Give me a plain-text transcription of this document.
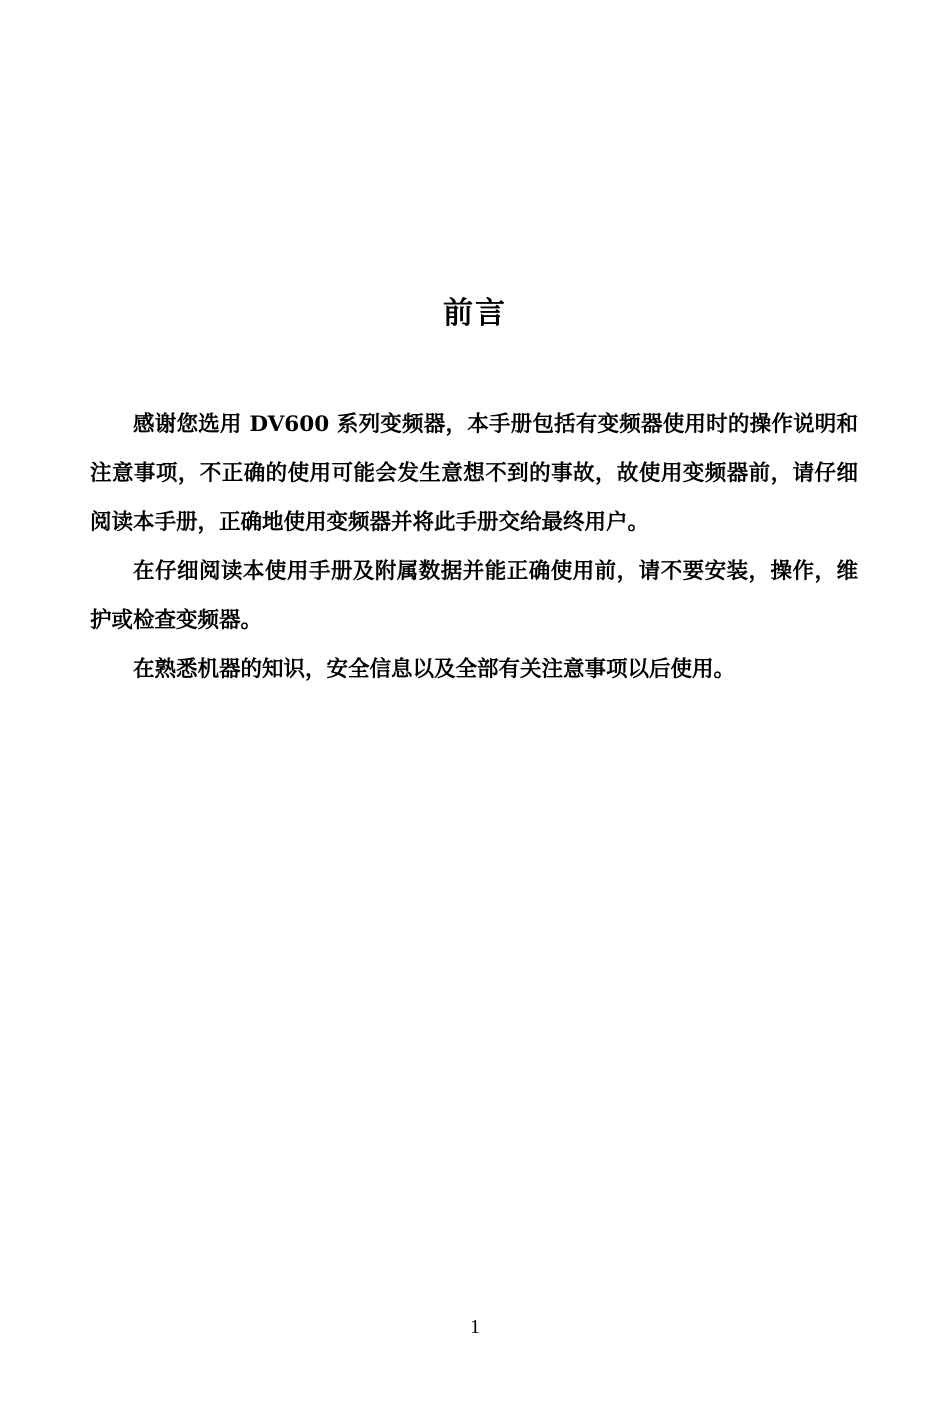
前言

感谢您选用 DV600 系列变频器，本手册包括有变频器使用时的操作说明和注意事项，不正确的使用可能会发生意想不到的事故，故使用变频器前，请仔细阅读本手册，正确地使用变频器并将此手册交给最终用户。

在仔细阅读本使用手册及附属数据并能正确使用前，请不要安装，操作，维护或检查变频器。

在熟悉机器的知识，安全信息以及全部有关注意事项以后使用。

1
